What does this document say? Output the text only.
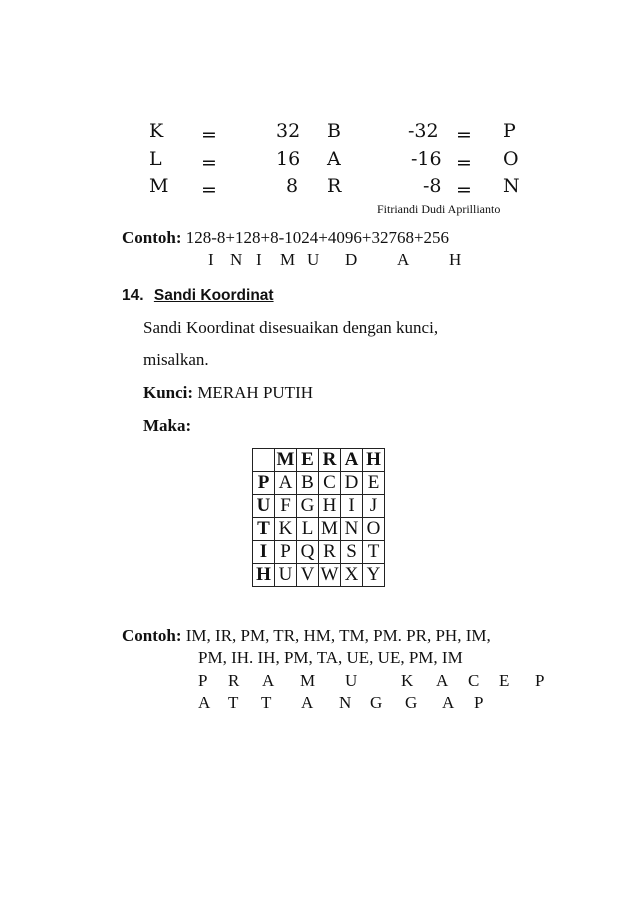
K =	32 B	-32 = P
L =	16 A	-16 = O
M =	8 R	-8 = N
Fitriandi Dudi Aprillianto
Contoh: 128-8+128+8-1024+4096+32768+256
I N I M U D A H
14. Sandi Koordinat
Sandi Koordinat disesuaikan dengan kunci,
misalkan.
Kunci: MERAH PUTIH
Maka:
	M	E	R	A	H
P	A	B	C	D	E
U	F	G	H	I	J
T	K	L	M	N	O
I	P	Q	R	S	T
H	U	V	W	X	Y
Contoh: IM, IR, PM, TR, HM, TM, PM. PR, PH, IM,
PM, IH. IH, PM, TA, UE, UE, PM, IM
P R A M U	K A C E P
A T T A N G G A P
